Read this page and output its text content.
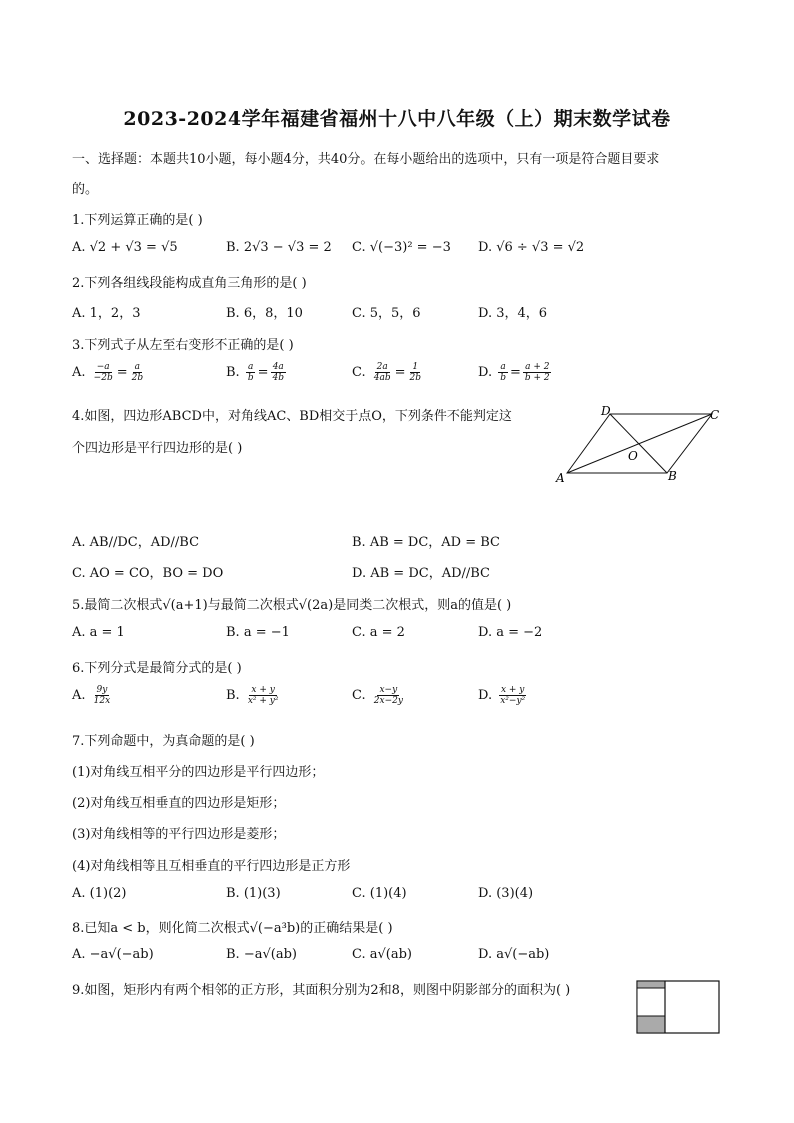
2023-2024学年福建省福州十八中八年级（上）期末数学试卷
一、选择题：本题共10小题，每小题4分，共40分。在每小题给出的选项中，只有一项是符合题目要求
的。
1.下列运算正确的是( )
A. √2 + √3 = √5	B. 2√3 − √3 = 2 C. √(−3)² = −3 D. √6 ÷ √3 = √2
2.下列各组线段能构成直角三角形的是( )
A. 1，2，3	B. 6，8，10	C. 5，5，6	D. 3，4，6
3.下列式子从左至右变形不正确的是( )
A. $\frac{-a}{-2b} = \frac{a}{2b}$	B. $\frac{a}{b} = \frac{4a}{4b}$	C. $\frac{2a}{4ab} = \frac{1}{2b}$	D. $\frac{a}{b} = \frac{a + 2}{b + 2}$
4.如图，四边形ABCD中，对角线AC、BD相交于点O，下列条件不能判定这
个四边形是平行四边形的是( )
A	B
C
D
O
A. AB//DC，AD//BC	B. AB = DC，AD = BC
C. AO = CO，BO = DO	D. AB = DC，AD//BC
5.最简二次根式√(a+1)与最简二次根式√(2a)是同类二次根式，则a的值是( )
A. a = 1	B. a = −1	C. a = 2	D. a = −2
6.下列分式是最简分式的是( )
A. $\frac{9y}{12x}$	B. $\frac{x + y}{\text{x² + y²}}$	C. $\frac{x-y}{2x-2y}$	D. $\frac{x + y}{\text{x²−y²}}$
7.下列命题中，为真命题的是( )
(1)对角线互相平分的四边形是平行四边形；
(2)对角线互相垂直的四边形是矩形；
(3)对角线相等的平行四边形是菱形；
(4)对角线相等且互相垂直的平行四边形是正方形
A. (1)(2)	B. (1)(3)	C. (1)(4)	D. (3)(4)
8.已知a < b，则化简二次根式√(−a³b)的正确结果是( )
A. −a√(−ab)	B. −a√(ab)	C. a√(ab)	D. a√(−ab)
9.如图，矩形内有两个相邻的正方形，其面积分别为2和8，则图中阴影部分的面积为( )
